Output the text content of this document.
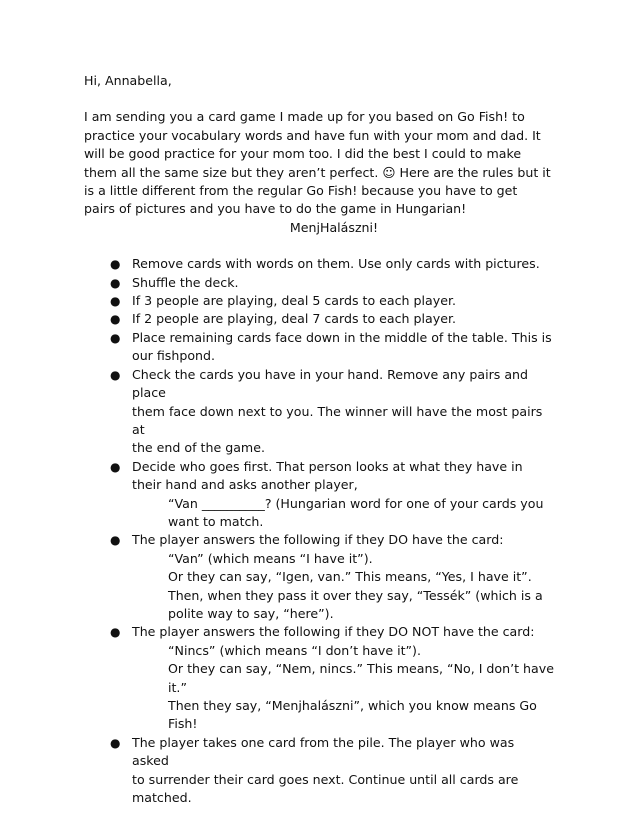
Hi, Annabella,

I am sending you a card game I made up for you based on Go Fish! to
practice your vocabulary words and have fun with your mom and dad. It
will be good practice for your mom too. I did the best I could to make
them all the same size but they aren’t perfect. ☺ Here are the rules but it
is a little different from the regular Go Fish! because you have to get
pairs of pictures and you have to do the game in Hungarian!
MenjHalászni!
● Remove cards with words on them. Use only cards with pictures.
● Shuffle the deck.
● If 3 people are playing, deal 5 cards to each player.
● If 2 people are playing, deal 7 cards to each player.
● Place remaining cards face down in the middle of the table. This is
our fishpond.
● Check the cards you have in your hand. Remove any pairs and place
them face down next to you. The winner will have the most pairs at
the end of the game.
● Decide who goes first. That person looks at what they have in
their hand and asks another player,
“Van __________? (Hungarian word for one of your cards you
want to match.
● The player answers the following if they DO have the card:
“Van” (which means “I have it”).
Or they can say, “Igen, van.” This means, “Yes, I have it”.
Then, when they pass it over they say, “Tessék” (which is a
polite way to say, “here”).
● The player answers the following if they DO NOT have the card:
“Nincs” (which means “I don’t have it”).
Or they can say, “Nem, nincs.” This means, “No, I don’t have
it.”
Then they say, “Menjhalászni”, which you know means Go
Fish!
● The player takes one card from the pile. The player who was asked
to surrender their card goes next. Continue until all cards are
matched.
